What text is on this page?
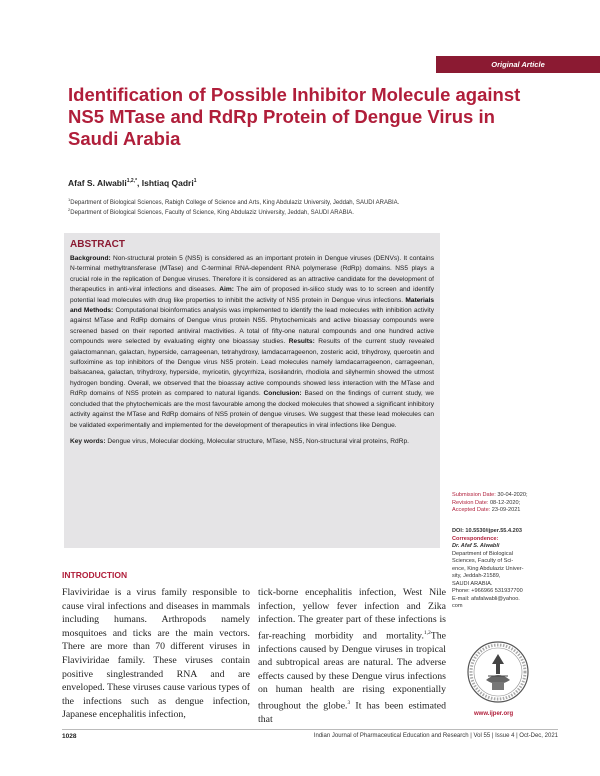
Original Article
Identification of Possible Inhibitor Molecule against NS5 MTase and RdRp Protein of Dengue Virus in Saudi Arabia
Afaf S. Alwabli$^{1,2,*}$, Ishtiaq Qadri$^1$
$^1$Department of Biological Sciences, Rabigh College of Science and Arts, King Abdulaziz University, Jeddah, SAUDI ARABIA.
$^2$Department of Biological Sciences, Faculty of Science, King Abdulaziz University, Jeddah, SAUDI ARABIA.
ABSTRACT

Background: Non-structural protein 5 (NS5) is considered as an important protein in Dengue viruses (DENVs). It contains N-terminal methyltransferase (MTase) and C-terminal RNA-dependent RNA polymerase (RdRp) domains. NS5 plays a crucial role in the replication of Dengue viruses. Therefore it is considered as an attractive candidate for the development of therapeutics in anti-viral infections and diseases. Aim: The aim of proposed in-silico study was to to screen and identify potential lead molecules with drug like properties to inhibit the activity of NS5 protein in Dengue virus infections. Materials and Methods: Computational bioinformatics analysis was implemented to identify the lead molecules with inhibition activity against MTase and RdRp domains of Dengue virus protein NS5. Phytochemicals and active bioassay compounds were screened based on their reported antiviral mactivities. A total of fifty-one natural compounds and one hundred active compounds were selected by evaluating eighty one bioassay studies. Results: Results of the current study revealed galactomannan, galactan, hyperside, carrageenan, tetrahydroxy, lamdacarrageenon, zosteric acid, trihydroxy, quercetin and sulfoximine as top inhibitors of the Dengue virus NS5 protein. Lead molecules namely lamdacarrageenon, carrageenan, balsacanea, galactan, trihydroxy, hyperside, myricetin, glycyrrhiza, isosilandrin, rhodiola and silyhermin showed the utmost hydrogen bonding. Overall, we observed that the bioassay active compounds showed less interaction with the MTase and RdRp domains of NS5 protein as compared to natural ligands. Conclusion: Based on the findings of current study, we concluded that the phytochemicals are the most favourable among the docked molecules that showed a significant inhibitory activity against the MTase and RdRp domains of NS5 protein of dengue viruses. We suggest that these lead molecules can be validated experimentally and implemented for the development of therapeutics in viral infections like Dengue.

Key words: Dengue virus, Molecular docking, Molecular structure, MTase, NS5, Non-structural viral proteins, RdRp.

Submission Date: 30-04-2020;
Revision Date: 08-12-2020;
Accepted Date: 23-09-2021
DOI: 10.5530/ijper.55.4.203
Correspondence:
Dr. Afaf S. Alwabli
Department of Biological
Sciences, Faculty of Sci-
ence, King Abdulaziz Univer-
sity, Jeddah-21589,
SAUDI ARABIA.
Phone: +966966 531937700
E-mail: afafalwabli@yahoo.
com
www.ijper.org
INTRODUCTION

Flaviviridae is a virus family responsible to cause viral infections and diseases in mammals including humans. Arthropods namely mosquitoes and ticks are the main vectors. There are more than 70 different viruses in Flaviviridae family. These viruses contain positive singlestranded RNA and are enveloped. These viruses cause various types of the infections such as dengue infection, Japanese encephalitis infection,

tick-borne encephalitis infection, West Nile infection, yellow fever infection and Zika infection. The greater part of these infections is far-reaching morbidity and mortality.$^{1,2}$The infections caused by Dengue viruses in tropical and subtropical areas are natural. The adverse effects caused by these Dengue virus infections on human health are rising exponentially throughout the globe.$^3$ It has been estimated that

1028	Indian Journal of Pharmaceutical Education and Research | Vol 55 | Issue 4 | Oct-Dec, 2021
